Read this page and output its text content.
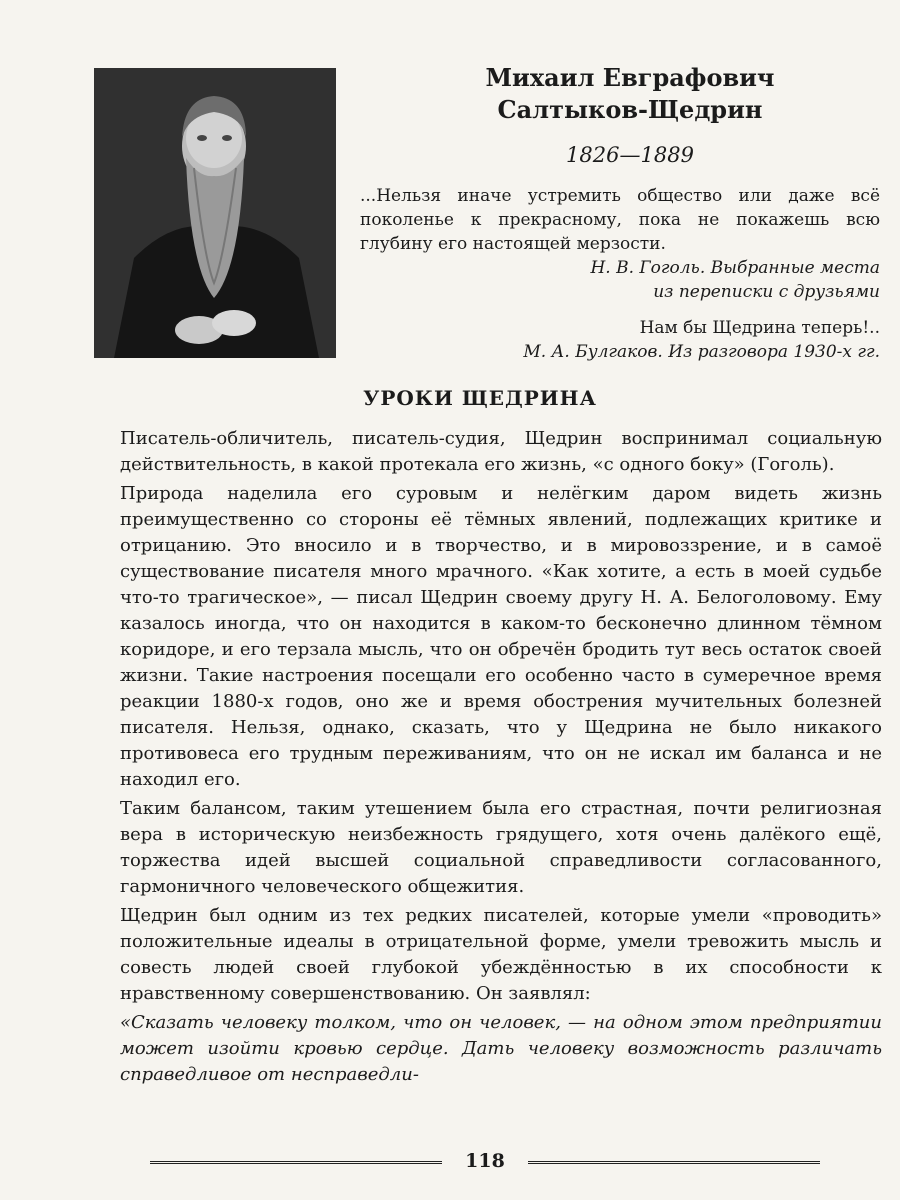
Михаил Евграфович
Салтыков-Щедрин
1826—1889
...Нельзя иначе устремить общество или даже всё поколенье к прекрасному, пока не покажешь всю глубину его настоящей мерзости.
Н. В. Гоголь. Выбранные места
из переписки с друзьями
Нам бы Щедрина теперь!..
М. А. Булгаков. Из разговора 1930-х гг.
УРОКИ ЩЕДРИНА

Писатель-обличитель, писатель-судия, Щедрин воспринимал социальную действительность, в какой протекала его жизнь, «с одного боку» (Гоголь).

Природа наделила его суровым и нелёгким даром видеть жизнь преимущественно со стороны её тёмных явлений, подлежащих критике и отрицанию. Это вносило и в творчество, и в мировоззрение, и в самоё существование писателя много мрачного. «Как хотите, а есть в моей судьбе что-то трагическое», — писал Щедрин своему другу Н. А. Белоголовому. Ему казалось иногда, что он находится в каком-то бесконечно длинном тёмном коридоре, и его терзала мысль, что он обречён бродить тут весь остаток своей жизни. Такие настроения посещали его особенно часто в сумеречное время реакции 1880-х годов, оно же и время обострения мучительных болезней писателя. Нельзя, однако, сказать, что у Щедрина не было никакого противовеса его трудным переживаниям, что он не искал им баланса и не находил его.

Таким балансом, таким утешением была его страстная, почти религиозная вера в историческую неизбежность грядущего, хотя очень далёкого ещё, торжества идей высшей социальной справедливости согласованного, гармоничного человеческого общежития.

Щедрин был одним из тех редких писателей, которые умели «проводить» положительные идеалы в отрицательной форме, умели тревожить мысль и совесть людей своей глубокой убеждённостью в их способности к нравственному совершенствованию. Он заявлял:

«Сказать человеку толком, что он человек, — на одном этом предприятии может изойти кровью сердце. Дать человеку возможность различать справедливое от несправедли-

118
